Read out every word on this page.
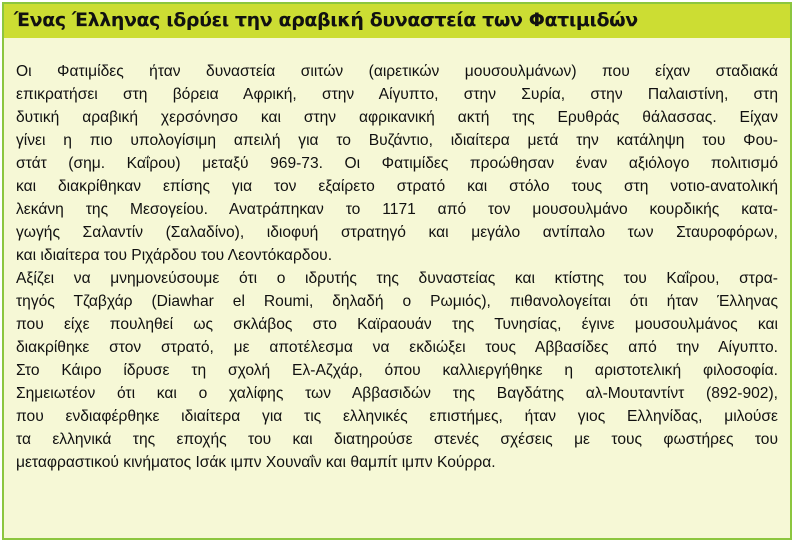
Ένας Έλληνας ιδρύει την αραβική δυναστεία των Φατιμιδών
Οι Φατιμίδες ήταν δυναστεία σιιτών (αιρετικών μουσουλμάνων) που είχαν σταδιακά
επικρατήσει στη βόρεια Αφρική, στην Αίγυπτο, στην Συρία, στην Παλαιστίνη, στη
δυτική αραβική χερσόνησο και στην αφρικανική ακτή της Ερυθράς θάλασσας. Είχαν
γίνει η πιο υπολογίσιμη απειλή για το Βυζάντιο, ιδιαίτερα μετά την κατάληψη του Φου-
στάτ (σημ. Καΐρου) μεταξύ 969-73. Οι Φατιμίδες προώθησαν έναν αξιόλογο πολιτισμό
και διακρίθηκαν επίσης για τον εξαίρετο στρατό και στόλο τους στη νοτιο-ανατολική
λεκάνη της Μεσογείου. Ανατράπηκαν το 1171 από τον μουσουλμάνο κουρδικής κατα-
γωγής Σαλαντίν (Σαλαδίνο), ιδιοφυή στρατηγό και μεγάλο αντίπαλο των Σταυροφόρων,
και ιδιαίτερα του Ριχάρδου του Λεοντόκαρδου.
Αξίζει να μνημονεύσουμε ότι ο ιδρυτής της δυναστείας και κτίστης του Καΐρου, στρα-
τηγός Τζαβχάρ (Diawhar el Roumi, δηλαδή ο Ρωμιός), πιθανολογείται ότι ήταν Έλληνας
που είχε πουληθεί ως σκλάβος στο Καϊραουάν της Τυνησίας, έγινε μουσουλμάνος και
διακρίθηκε στον στρατό, με αποτέλεσμα να εκδιώξει τους Αββασίδες από την Αίγυπτο.
Στο Κάιρο ίδρυσε τη σχολή Ελ-Αζχάρ, όπου καλλιεργήθηκε η αριστοτελική φιλοσοφία.
Σημειωτέον ότι και ο χαλίφης των Αββασιδών της Βαγδάτης αλ-Μουταντίντ (892-902),
που ενδιαφέρθηκε ιδιαίτερα για τις ελληνικές επιστήμες, ήταν γιος Ελληνίδας, μιλούσε
τα ελληνικά της εποχής του και διατηρούσε στενές σχέσεις με τους φωστήρες του
μεταφραστικού κινήματος Ισάκ ιμπν Χουναΐν και θαμπίτ ιμπν Κούρρα.
